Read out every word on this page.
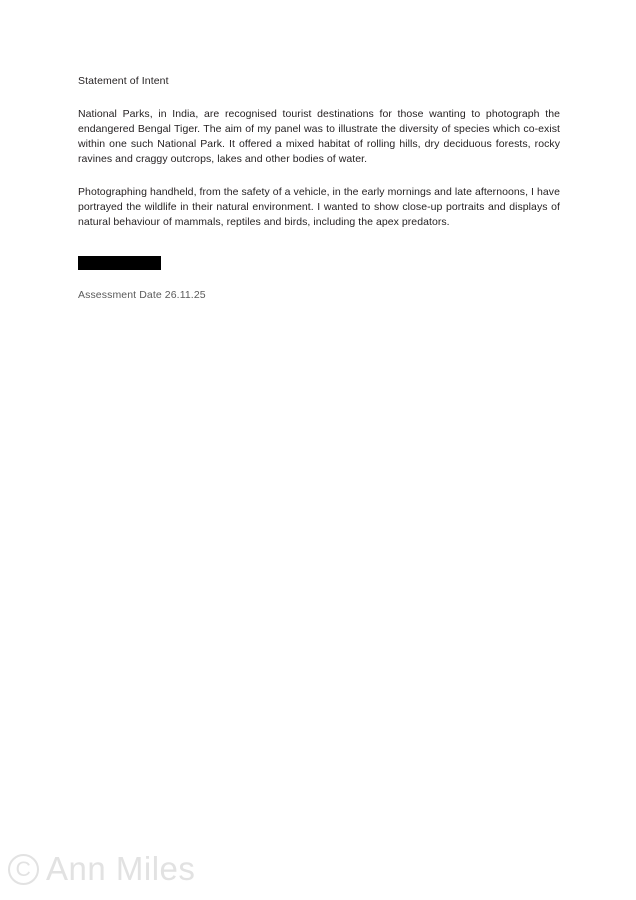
Statement of Intent

National Parks, in India, are recognised tourist destinations for those wanting to photograph the endangered Bengal Tiger. The aim of my panel was to illustrate the diversity of species which co-exist within one such National Park. It offered a mixed habitat of rolling hills, dry deciduous forests, rocky ravines and craggy outcrops, lakes and other bodies of water.

Photographing handheld, from the safety of a vehicle, in the early mornings and late afternoons, I have portrayed the wildlife in their natural environment. I wanted to show close-up portraits and displays of natural behaviour of mammals, reptiles and birds, including the apex predators.

Assessment Date 26.11.25

C Ann Miles
